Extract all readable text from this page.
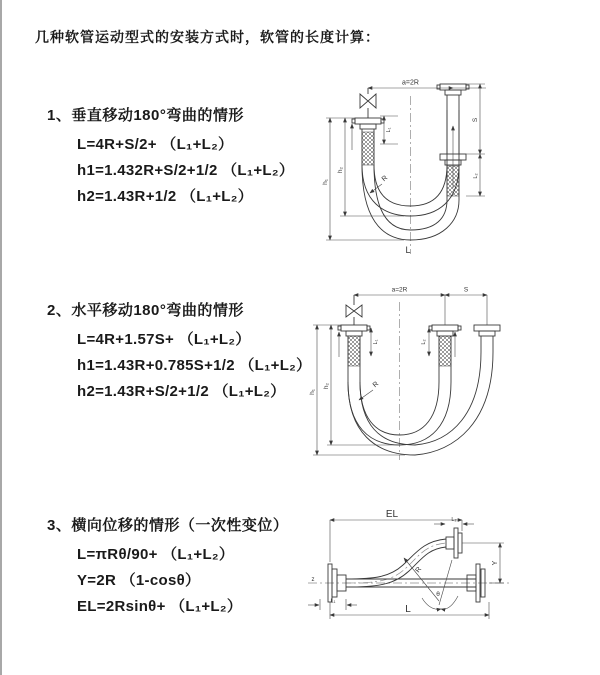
几种软管运动型式的安装方式时，软管的长度计算：
1、垂直移动180°弯曲的情形
L=4R+S/2+ （L₁+L₂）
h1=1.432R+S/2+1/2 （L₁+L₂）
h2=1.43R+1/2 （L₁+L₂）
2、水平移动180°弯曲的情形
L=4R+1.57S+ （L₁+L₂）
h1=1.43R+0.785S+1/2 （L₁+L₂）
h2=1.43R+S/2+1/2 （L₁+L₂）
3、横向位移的情形（一次性变位）
L=πRθ/90+ （L₁+L₂）
Y=2R （1-cosθ）
EL=2Rsinθ+ （L₁+L₂）
a=2R
h₁
h₂
L₁
S
L₂
R
L
a=2R	S
h₁
h₂
L₁	L₂
R
EL	L₂
Y
R
θ
L
L₁
z
